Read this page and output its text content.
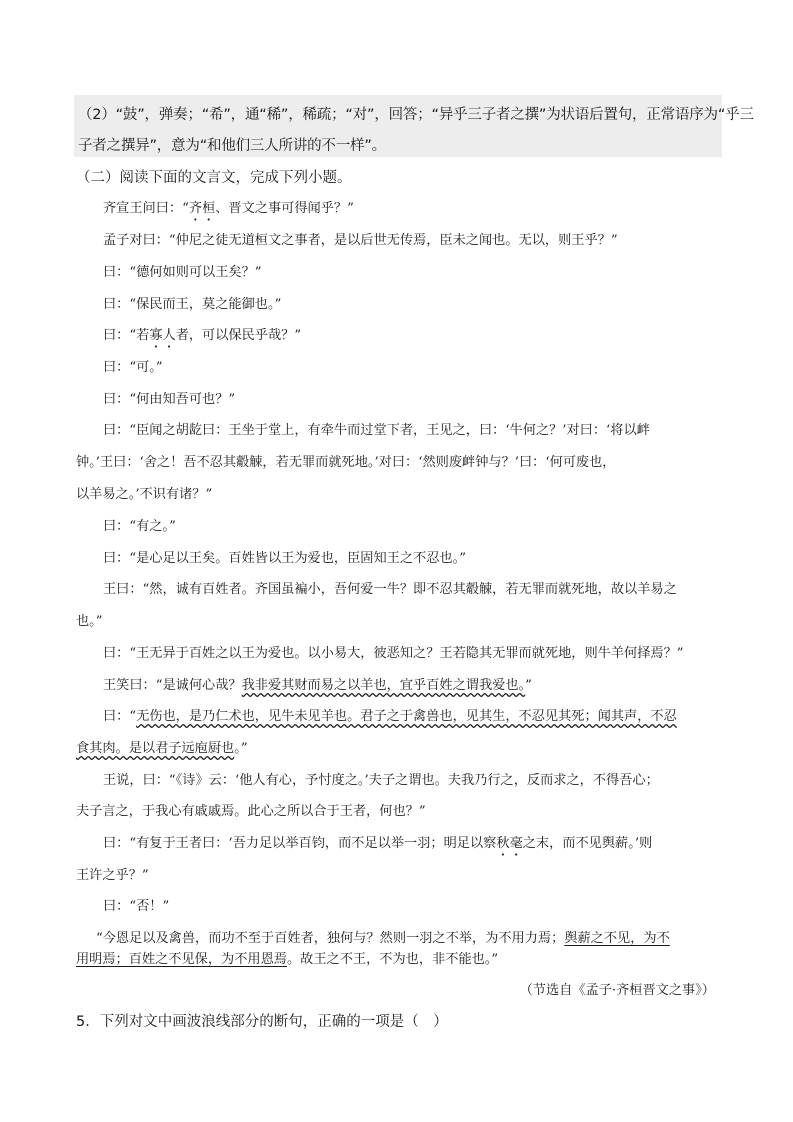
（2）“鼓”，弹奏；“希”，通“稀”，稀疏；“对”，回答；“异乎三子者之撰”为状语后置句，正常语序为“乎三
子者之撰异”，意为“和他们三人所讲的不一样”。
（二）阅读下面的文言文，完成下列小题。
齐宣王问曰：“齐桓、晋文之事可得闻乎？”
孟子对曰：“仲尼之徒无道桓文之事者，是以后世无传焉，臣未之闻也。无以，则王乎？”
曰：“德何如则可以王矣？”
曰：“保民而王，莫之能御也。”
曰：“若寡人者，可以保民乎哉？”
曰：“可。”
曰：“何由知吾可也？”
曰：“臣闻之胡龁曰：王坐于堂上，有牵牛而过堂下者，王见之，曰：‘牛何之？’对曰：‘将以衅
钟。’王曰：‘舍之！吾不忍其觳觫，若无罪而就死地。’对曰：‘然则废衅钟与？’曰：‘何可废也，
以羊易之。’不识有诸？”
曰：“有之。”
曰：“是心足以王矣。百姓皆以王为爱也，臣固知王之不忍也。”
王曰：“然，诚有百姓者。齐国虽褊小，吾何爱一牛？即不忍其觳觫，若无罪而就死地，故以羊易之
也。”
曰：“王无异于百姓之以王为爱也。以小易大，彼恶知之？王若隐其无罪而就死地，则牛羊何择焉？”
王笑曰：“是诚何心哉？我非爱其财而易之以羊也，宜乎百姓之谓我爱也。”
曰：“无伤也，是乃仁术也，见牛未见羊也。君子之于禽兽也，见其生，不忍见其死；闻其声，不忍
食其肉。是以君子远庖厨也。”
王说，曰：“《诗》云：‘他人有心，予忖度之。’夫子之谓也。夫我乃行之，反而求之，不得吾心；
夫子言之，于我心有戚戚焉。此心之所以合于王者，何也？”
曰：“有复于王者曰：‘吾力足以举百钧，而不足以举一羽；明足以察秋毫之末，而不见舆薪。’则
王许之乎？”
曰：“否！”
“今恩足以及禽兽，而功不至于百姓者，独何与？然则一羽之不举，为不用力焉；舆薪之不见，为不
用明焉；百姓之不见保，为不用恩焉。故王之不王，不为也，非不能也。”
（节选自《孟子·齐桓晋文之事》）
5．下列对文中画波浪线部分的断句，正确的一项是（　）
